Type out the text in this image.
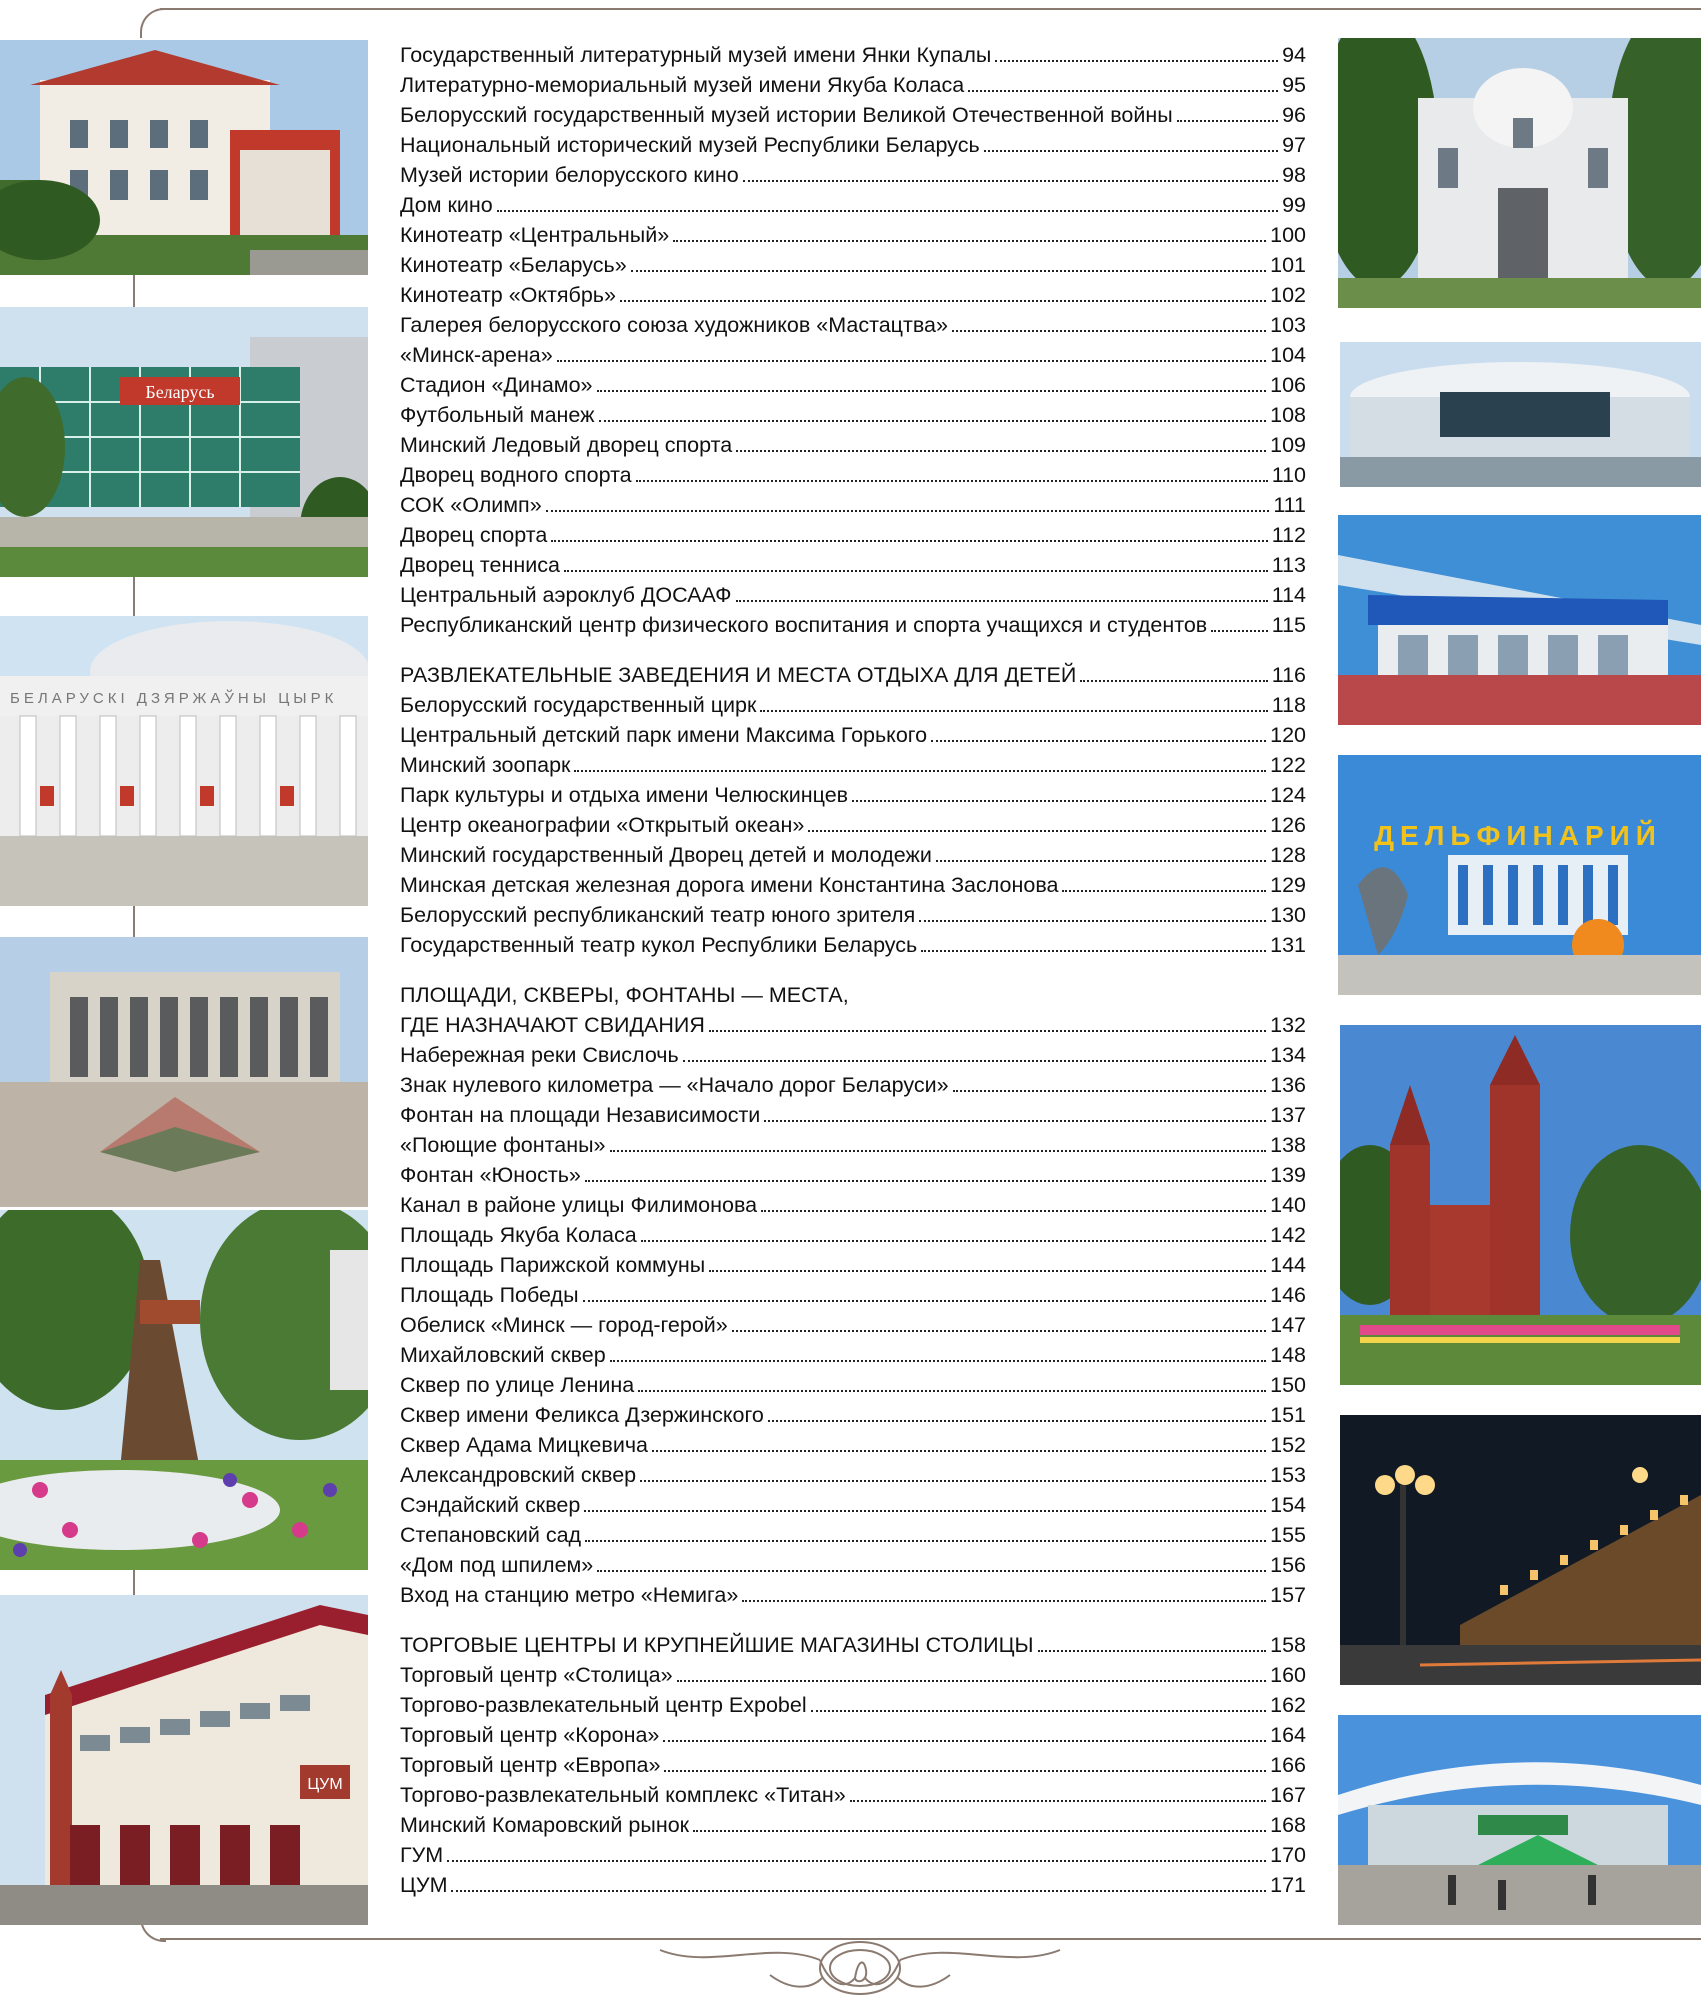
Беларусь
БЕЛАРУСКІ ДЗЯРЖАЎНЫ ЦЫРК
ЦУМ
ДЕЛЬФИНАРИЙ
Государственный литературный музей имени Янки Купалы	94
Литературно-мемориальный музей имени Якуба Коласа	95
Белорусский государственный музей истории Великой Отечественной войны	96
Национальный исторический музей Республики Беларусь	97
Музей истории белорусского кино	98
Дом кино	99
Кинотеатр «Центральный»	100
Кинотеатр «Беларусь»	101
Кинотеатр «Октябрь»	102
Галерея белорусского союза художников «Мастацтва»	103
«Минск-арена»	104
Стадион «Динамо»	106
Футбольный манеж	108
Минский Ледовый дворец спорта	109
Дворец водного спорта	110
СОК «Олимп»	111
Дворец спорта	112
Дворец тенниса	113
Центральный аэроклуб ДОСААФ	114
Республиканский центр физического воспитания и спорта учащихся и студентов	115
РАЗВЛЕКАТЕЛЬНЫЕ ЗАВЕДЕНИЯ И МЕСТА ОТДЫХА ДЛЯ ДЕТЕЙ	116
Белорусский государственный цирк	118
Центральный детский парк имени Максима Горького	120
Минский зоопарк	122
Парк культуры и отдыха имени Челюскинцев	124
Центр океанографии «Открытый океан»	126
Минский государственный Дворец детей и молодежи	128
Минская детская железная дорога имени Константина Заслонова	129
Белорусский республиканский театр юного зрителя	130
Государственный театр кукол Республики Беларусь	131
ПЛОЩАДИ, СКВЕРЫ, ФОНТАНЫ — МЕСТА,
ГДЕ НАЗНАЧАЮТ СВИДАНИЯ	132
Набережная реки Свислочь	134
Знак нулевого километра — «Начало дорог Беларуси»	136
Фонтан на площади Независимости	137
«Поющие фонтаны»	138
Фонтан «Юность»	139
Канал в районе улицы Филимонова	140
Площадь Якуба Коласа	142
Площадь Парижской коммуны	144
Площадь Победы	146
Обелиск «Минск — город-герой»	147
Михайловский сквер	148
Сквер по улице Ленина	150
Сквер имени Феликса Дзержинского	151
Сквер Адама Мицкевича	152
Александровский сквер	153
Сэндайский сквер	154
Степановский сад	155
«Дом под шпилем»	156
Вход на станцию метро «Немига»	157
ТОРГОВЫЕ ЦЕНТРЫ И КРУПНЕЙШИЕ МАГАЗИНЫ СТОЛИЦЫ	158
Торговый центр «Столица»	160
Торгово-развлекательный центр Expobel	162
Торговый центр «Корона»	164
Торговый центр «Европа»	166
Торгово-развлекательный комплекс «Титан»	167
Минский Комаровский рынок	168
ГУМ	170
ЦУМ	171
